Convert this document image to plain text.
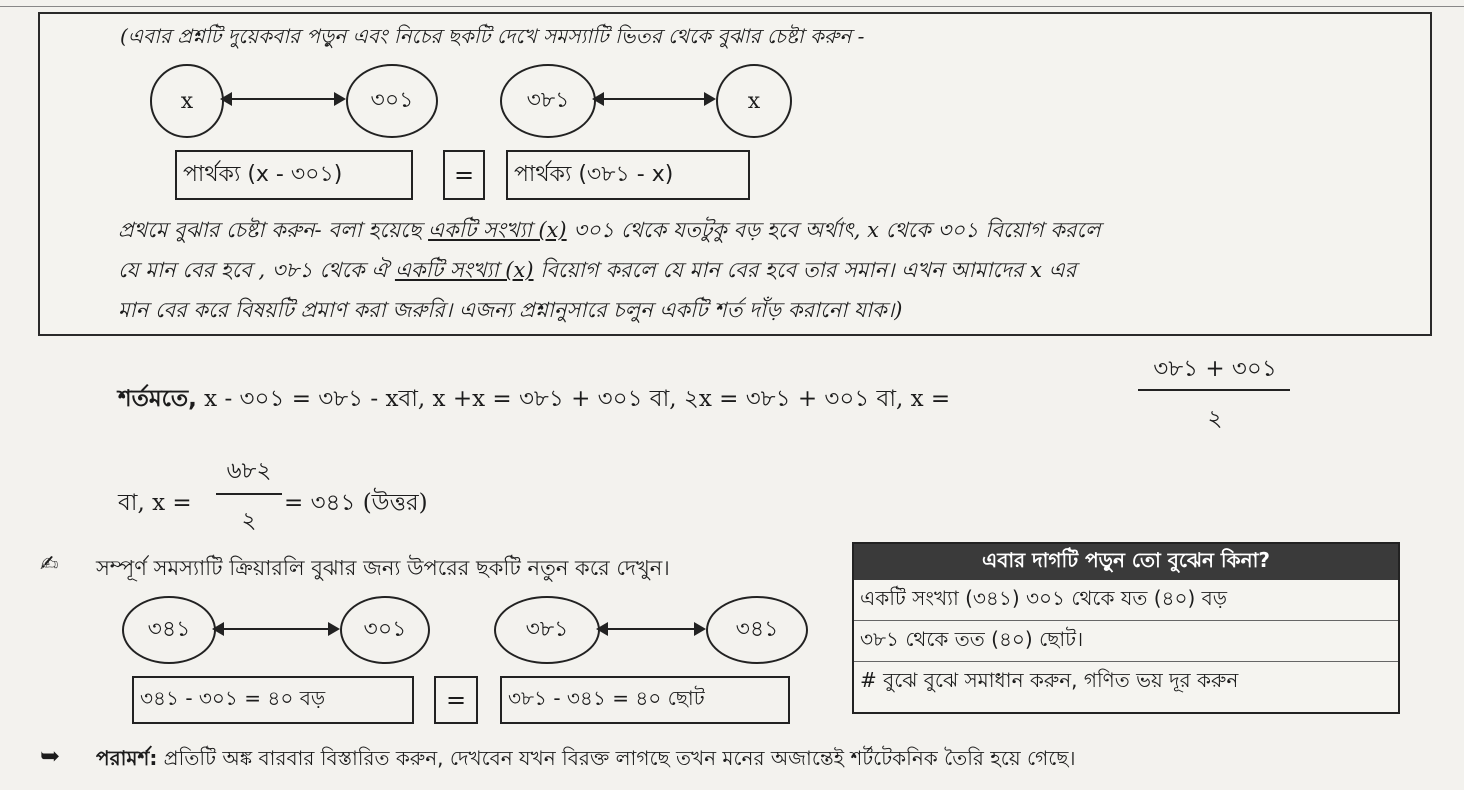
(এবার প্রশ্নটি দুয়েকবার পড়ুন এবং নিচের ছকটি দেখে সমস্যাটি ভিতর থেকে বুঝার চেষ্টা করুন -
x	৩০১	৩৮১	x
পার্থক্য (x - ৩০১)	=	পার্থক্য (৩৮১ - x)
প্রথমে বুঝার চেষ্টা করুন- বলা হয়েছে একটি সংখ্যা (x) ৩০১ থেকে যতটুকু বড় হবে অর্থাৎ, x থেকে ৩০১ বিয়োগ করলে
যে মান বের হবে , ৩৮১ থেকে ঐ একটি সংখ্যা (x) বিয়োগ করলে যে মান বের হবে তার সমান। এখন আমাদের x এর
মান বের করে বিষয়টি প্রমাণ করা জরুরি। এজন্য প্রশ্নানুসারে চলুন একটি শর্ত দাঁড় করানো যাক।)
শর্তমতে, x - ৩০১ = ৩৮১ - xবা, x +x = ৩৮১ + ৩০১ বা, ২x = ৩৮১ + ৩০১ বা, x =
৩৮১ + ৩০১
২
বা, x =
৬৮২
২
= ৩৪১ (উত্তর)
✍ সম্পূর্ণ সমস্যাটি ক্রিয়ারলি বুঝার জন্য উপরের ছকটি নতুন করে দেখুন।
৩৪১	৩০১	৩৮১	৩৪১
৩৪১ - ৩০১ = ৪০ বড়	=	৩৮১ - ৩৪১ = ৪০ ছোট
এবার দাগটি পড়ুন তো বুঝেন কিনা?
একটি সংখ্যা (৩৪১) ৩০১ থেকে যত (৪০) বড়
৩৮১ থেকে তত (৪০) ছোট।
# বুঝে বুঝে সমাধান করুন, গণিত ভয় দূর করুন
➥ পরামর্শ: প্রতিটি অঙ্ক বারবার বিস্তারিত করুন, দেখবেন যখন বিরক্ত লাগছে তখন মনের অজান্তেই শর্টটেকনিক তৈরি হয়ে গেছে।
